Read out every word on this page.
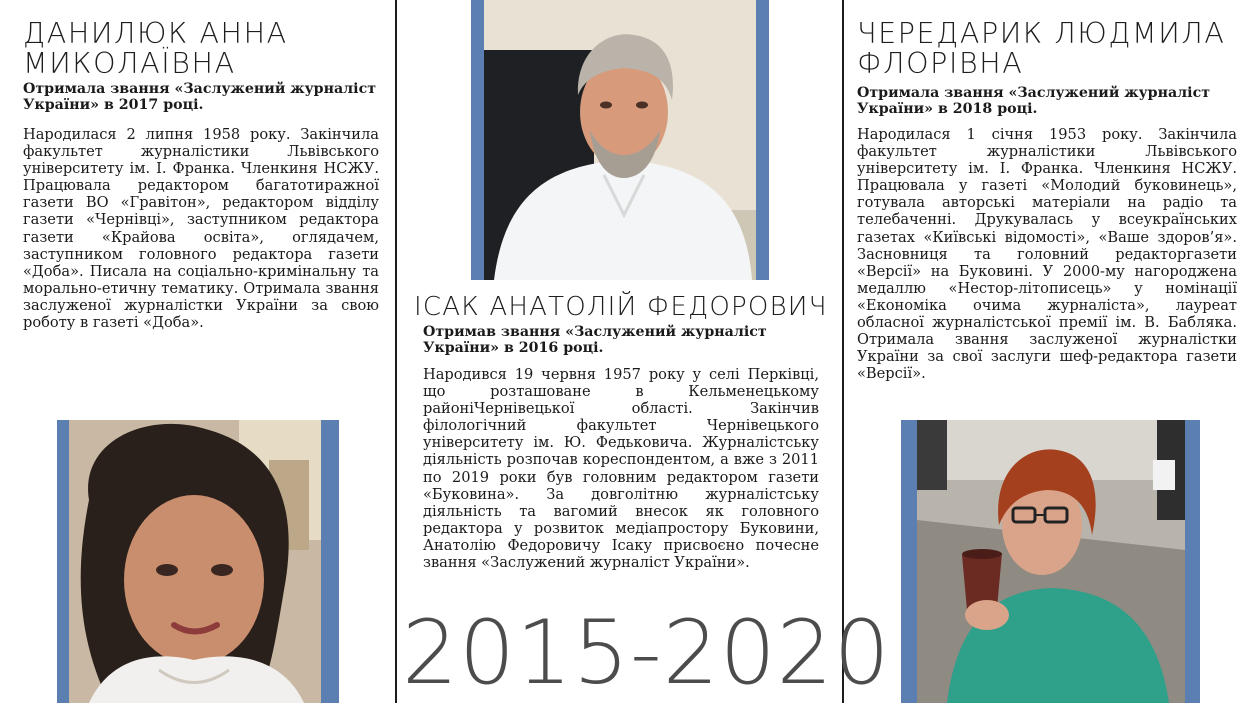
ДАНИЛЮК АННА
МИКОЛАЇВНА

Отримала звання «Заслужений журналіст України» в 2017 році.

Народилася 2 липня 1958 року. Закінчила факультет журналістики Львівського університету ім. І. Франка. Членкиня НСЖУ. Працювала редактором багатотиражної газети ВО «Гравітон», редактором відділу газети «Чернівці», заступником редактора газети «Крайова освіта», оглядачем, заступником головного редактора газети «Доба». Писала на соціально-кримінальну та морально-етичну тематику. Отримала звання заслуженої журналістки України за свою роботу в газеті «Доба».

ІСАК АНАТОЛІЙ ФЕДОРОВИЧ

Отримав звання «Заслужений журналіст України» в 2016 році.

Народився 19 червня 1957 року у селі Перківці, що розташоване в Кельменецькому районіЧернівецької області. Закінчив філологічний факультет Чернівецького університету ім. Ю. Федьковича. Журналістську діяльність розпочав кореспондентом, а вже з 2011 по 2019 роки був головним редактором газети «Буковина». За довголітню журналістську діяльність та вагомий внесок як головного редактора у розвиток медіапростору Буковини, Анатолію Федоровичу Ісаку присвоєно почесне звання «Заслужений журналіст України».

2015-2020
ЧЕРЕДАРИК ЛЮДМИЛА
ФЛОРІВНА

Отримала звання «Заслужений журналіст України» в 2018 році.

Народилася 1 січня 1953 року. Закінчила факультет журналістики Львівського університету ім. І. Франка. Членкиня НСЖУ. Працювала у газеті «Молодий буковинець», готувала авторські матеріали на радіо та телебаченні. Друкувалась у всеукраїнських газетах «Київські відомості», «Ваше здоров’я». Засновниця та головний редакторгазети «Версії» на Буковині. У 2000-му нагороджена медаллю «Нестор-літописець» у номінації «Економіка очима журналіста», лауреат обласної журналістської премії ім. В. Бабляка. Отримала звання заслуженої журналістки України за свої заслуги шеф-редактора газети «Версії».
